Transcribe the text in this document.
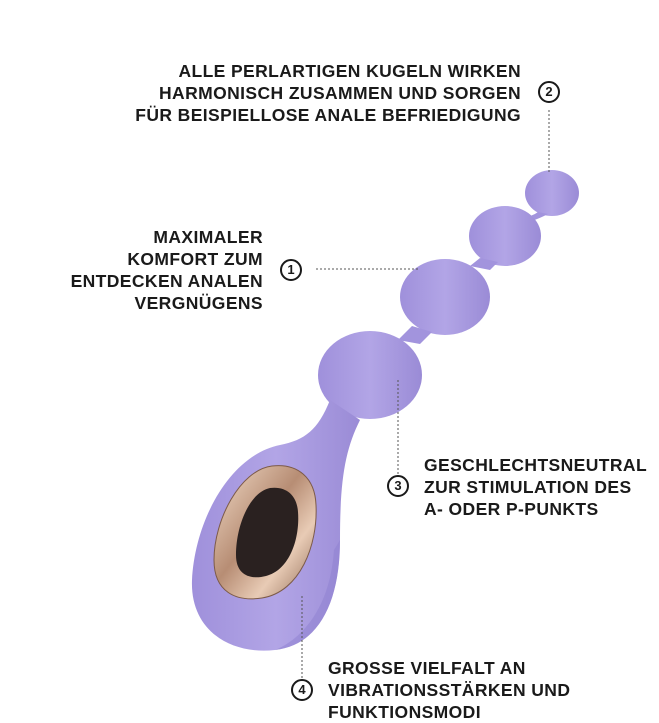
ALLE PERLARTIGEN KUGELN WIRKEN
HARMONISCH ZUSAMMEN UND SORGEN
FÜR BEISPIELLOSE ANALE BEFRIEDIGUNG
2
MAXIMALER
KOMFORT ZUM
ENTDECKEN ANALEN
VERGNÜGENS
1
3
GESCHLECHTSNEUTRAL
ZUR STIMULATION DES
A- ODER P-PUNKTS
4
GROSSE VIELFALT AN
VIBRATIONSSTÄRKEN UND
FUNKTIONSMODI
